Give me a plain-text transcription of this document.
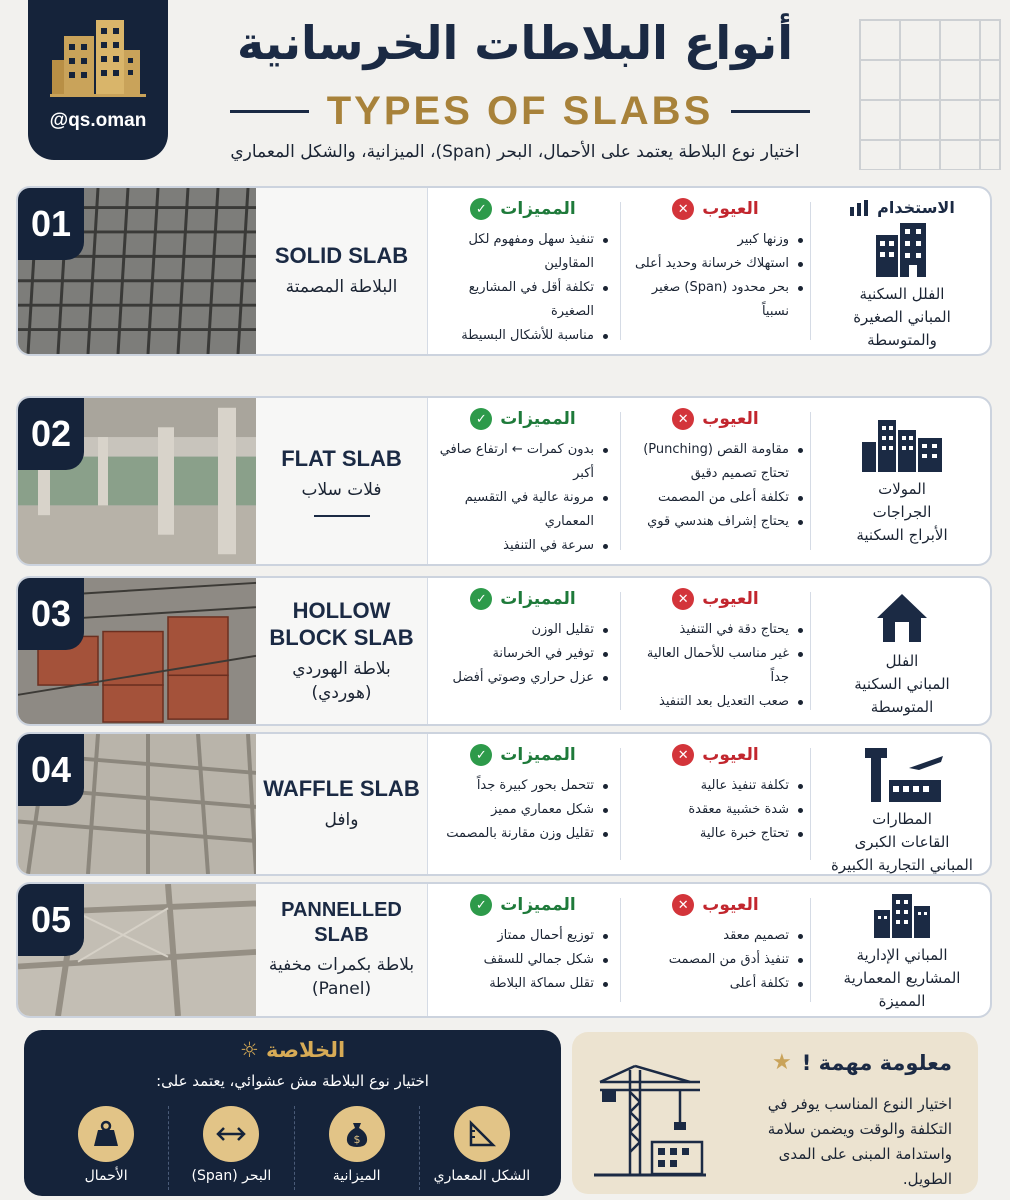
@qs.oman
أنواع البلاطات الخرسانية
TYPES OF SLABS
اختيار نوع البلاطة يعتمد على الأحمال، البحر (Span)، الميزانية، والشكل المعماري
01
SOLID SLAB
البلاطة المصمتة
المميزات
✓
تنفيذ سهل ومفهوم لكل المقاولين
تكلفة أقل في المشاريع الصغيرة
مناسبة للأشكال البسيطة
العيوب
✕
وزنها كبير
استهلاك خرسانة وحديد أعلى
بحر محدود (Span) صغير نسبياً
الاستخدام
الفلل السكنية
المباني الصغيرة
والمتوسطة
02
FLAT SLAB
فلات سلاب
المميزات
✓
بدون كمرات ← ارتفاع صافي أكبر
مرونة عالية في التقسيم المعماري
سرعة في التنفيذ
العيوب
✕
مقاومة القص (Punching) تحتاج تصميم دقيق
تكلفة أعلى من المصمت
يحتاج إشراف هندسي قوي
المولات
الجراجات
الأبراج السكنية
03	HOLLOW
BLOCK SLAB
بلاطة الهوردي
(هوردي)
المميزات
✓
تقليل الوزن
توفير في الخرسانة
عزل حراري وصوتي أفضل
العيوب
✕
يحتاج دقة في التنفيذ
غير مناسب للأحمال العالية جداً
صعب التعديل بعد التنفيذ
الفلل
المباني السكنية
المتوسطة
04	WAFFLE SLAB
وافل
المميزات
✓
تتحمل بحور كبيرة جداً
شكل معماري مميز
تقليل وزن مقارنة بالمصمت
العيوب
✕
تكلفة تنفيذ عالية
شدة خشبية معقدة
تحتاج خبرة عالية
المطارات
القاعات الكبرى
المباني التجارية الكبيرة
05	PANNELLED SLAB
بلاطة بكمرات مخفية
(Panel)
المميزات
✓
توزيع أحمال ممتاز
شكل جمالي للسقف
تقلل سماكة البلاطة
العيوب
✕
تصميم معقد
تنفيذ أدق من المصمت
تكلفة أعلى
المباني الإدارية
المشاريع المعمارية
المميزة
الخلاصة ☼
اختيار نوع البلاطة مش عشوائي، يعتمد على:
الشكل المعماري
$
الميزانية
البحر (Span)
الأحمال
معلومة مهمة !
★
اختيار النوع المناسب يوفر في التكلفة والوقت ويضمن سلامة واستدامة المبنى على المدى الطويل.
